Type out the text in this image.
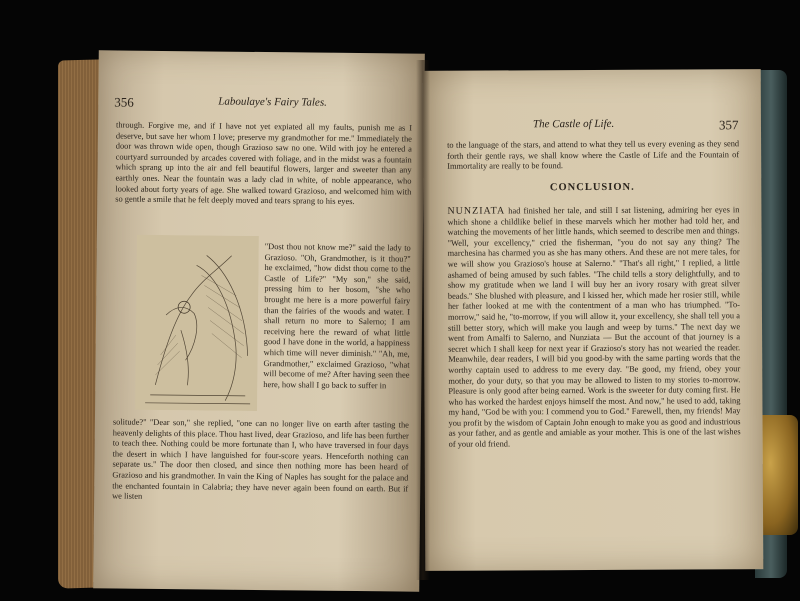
356	Laboulaye's Fairy Tales.

through. Forgive me, and if I have not yet expiated all my faults, punish me as I deserve, but save her whom I love; preserve my grandmother for me." Immediately the door was thrown wide open, though Grazioso saw no one. Wild with joy he entered a courtyard surrounded by arcades covered with foliage, and in the midst was a fountain which sprang up into the air and fell beautiful flowers, larger and sweeter than any earthly ones. Near the fountain was a lady clad in white, of noble appearance, who looked about forty years of age. She walked toward Grazioso, and welcomed him with so gentle a smile that he felt deeply moved and tears sprang to his eyes.

"Dost thou not know me?" said the lady to Grazioso. "Oh, Grandmother, is it thou?" he exclaimed, "how didst thou come to the Castle of Life?" "My son," she said, pressing him to her bosom, "she who brought me here is a more powerful fairy than the fairies of the woods and water. I shall return no more to Salerno; I am receiving here the reward of what little good I have done in the world, a happiness which time will never diminish." "Ah, me, Grandmother," exclaimed Grazioso, "what will become of me? After having seen thee here, how shall I go back to suffer in

solitude?" "Dear son," she replied, "one can no longer live on earth after tasting the heavenly delights of this place. Thou hast lived, dear Grazioso, and life has been further to teach thee. Nothing could be more fortunate than I, who have traversed in four days the desert in which I have languished for four-score years. Henceforth nothing can separate us." The door then closed, and since then nothing more has been heard of Grazioso and his grandmother. In vain the King of Naples has sought for the palace and the enchanted fountain in Calabria; they have never again been found on earth. But if we listen

The Castle of Life.	357

to the language of the stars, and attend to what they tell us every evening as they send forth their gentle rays, we shall know where the Castle of Life and the Fountain of Immortality are really to be found.

CONCLUSION.

NUNZIATA had finished her tale, and still I sat listening, admiring her eyes in which shone a childlike belief in these marvels which her mother had told her, and watching the movements of her little hands, which seemed to describe men and things. "Well, your excellency," cried the fisherman, "you do not say any thing? The marchesina has charmed you as she has many others. And these are not mere tales, for we will show you Grazioso's house at Salerno." "That's all right," I replied, a little ashamed of being amused by such fables. "The child tells a story delightfully, and to show my gratitude when we land I will buy her an ivory rosary with great silver beads." She blushed with pleasure, and I kissed her, which made her rosier still, while her father looked at me with the contentment of a man who has triumphed. "To-morrow," said he, "to-morrow, if you will allow it, your excellency, she shall tell you a still better story, which will make you laugh and weep by turns." The next day we went from Amalfi to Salerno, and Nunziata — But the account of that journey is a secret which I shall keep for next year if Grazioso's story has not wearied the reader. Meanwhile, dear readers, I will bid you good-by with the same parting words that the worthy captain used to address to me every day. "Be good, my friend, obey your mother, do your duty, so that you may be allowed to listen to my stories to-morrow. Pleasure is only good after being earned. Work is the sweeter for duty coming first. He who has worked the hardest enjoys himself the most. And now," he used to add, taking my hand, "God be with you: I commend you to God." Farewell, then, my friends! May you profit by the wisdom of Captain John enough to make you as good and industrious as your father, and as gentle and amiable as your mother. This is one of the last wishes of your old friend.
